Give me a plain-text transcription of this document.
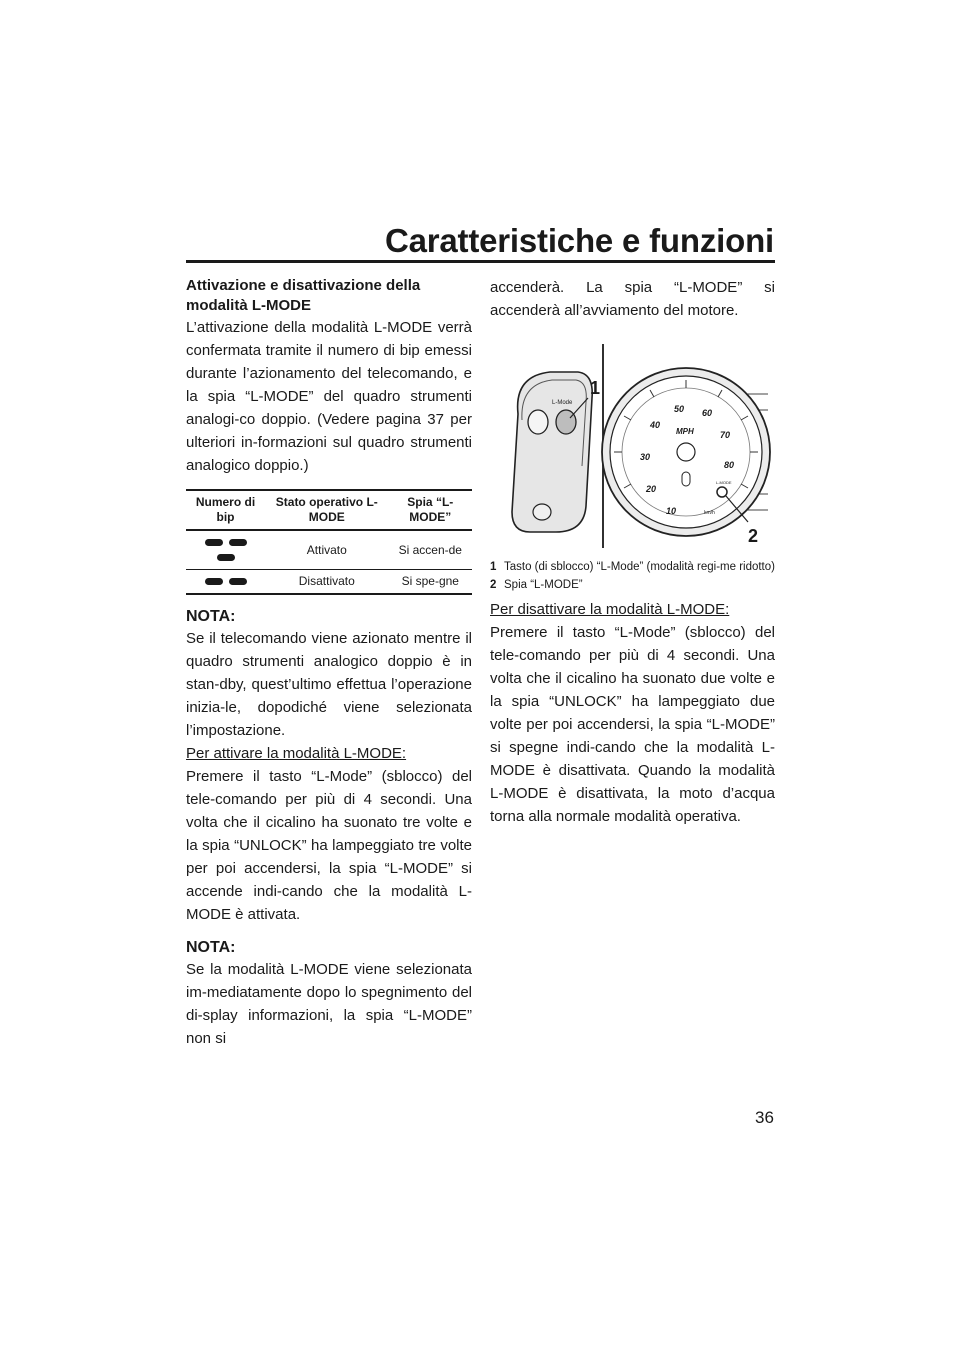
Caratteristiche e funzioni

Attivazione e disattivazione della modalità L-MODE

L’attivazione della modalità L-MODE verrà confermata tramite il numero di bip emessi durante l’azionamento del telecomando, e la spia “L-MODE” del quadro strumenti analogi-co doppio. (Vedere pagina 37 per ulteriori in-formazioni sul quadro strumenti analogico doppio.)

Numero di bip	Stato operativo L-MODE	Spia “L-MODE”
	Attivato	Si accen-de
	Disattivato	Si spe-gne

NOTA:

Se il telecomando viene azionato mentre il quadro strumenti analogico doppio è in stan-dby, quest’ultimo effettua l’operazione inizia-le, dopodiché viene selezionata l’impostazione.

Per attivare la modalità L-MODE:

Premere il tasto “L-Mode” (sblocco) del tele-comando per più di 4 secondi. Una volta che il cicalino ha suonato tre volte e la spia “UNLOCK” ha lampeggiato tre volte per poi accendersi, la spia “L-MODE” si accende indi-cando che la modalità L-MODE è attivata.

NOTA:

Se la modalità L-MODE viene selezionata im-mediatamente dopo lo spegnimento del di-splay informazioni, la spia “L-MODE” non si

accenderà. La spia “L-MODE” si accenderà all’avviamento del motore.

L-Mode
1
10
20
30
40
50 60
70
80
MPH
km/h
L-MODE
2
1 Tasto (di sblocco) “L-Mode” (modalità regi-me ridotto)
2 Spia “L-MODE”

Per disattivare la modalità L-MODE:

Premere il tasto “L-Mode” (sblocco) del tele-comando per più di 4 secondi. Una volta che il cicalino ha suonato due volte e la spia “UNLOCK” ha lampeggiato due volte per poi accendersi, la spia “L-MODE” si spegne indi-cando che la modalità L-MODE è disattivata. Quando la modalità L-MODE è disattivata, la moto d’acqua torna alla normale modalità operativa.

36
